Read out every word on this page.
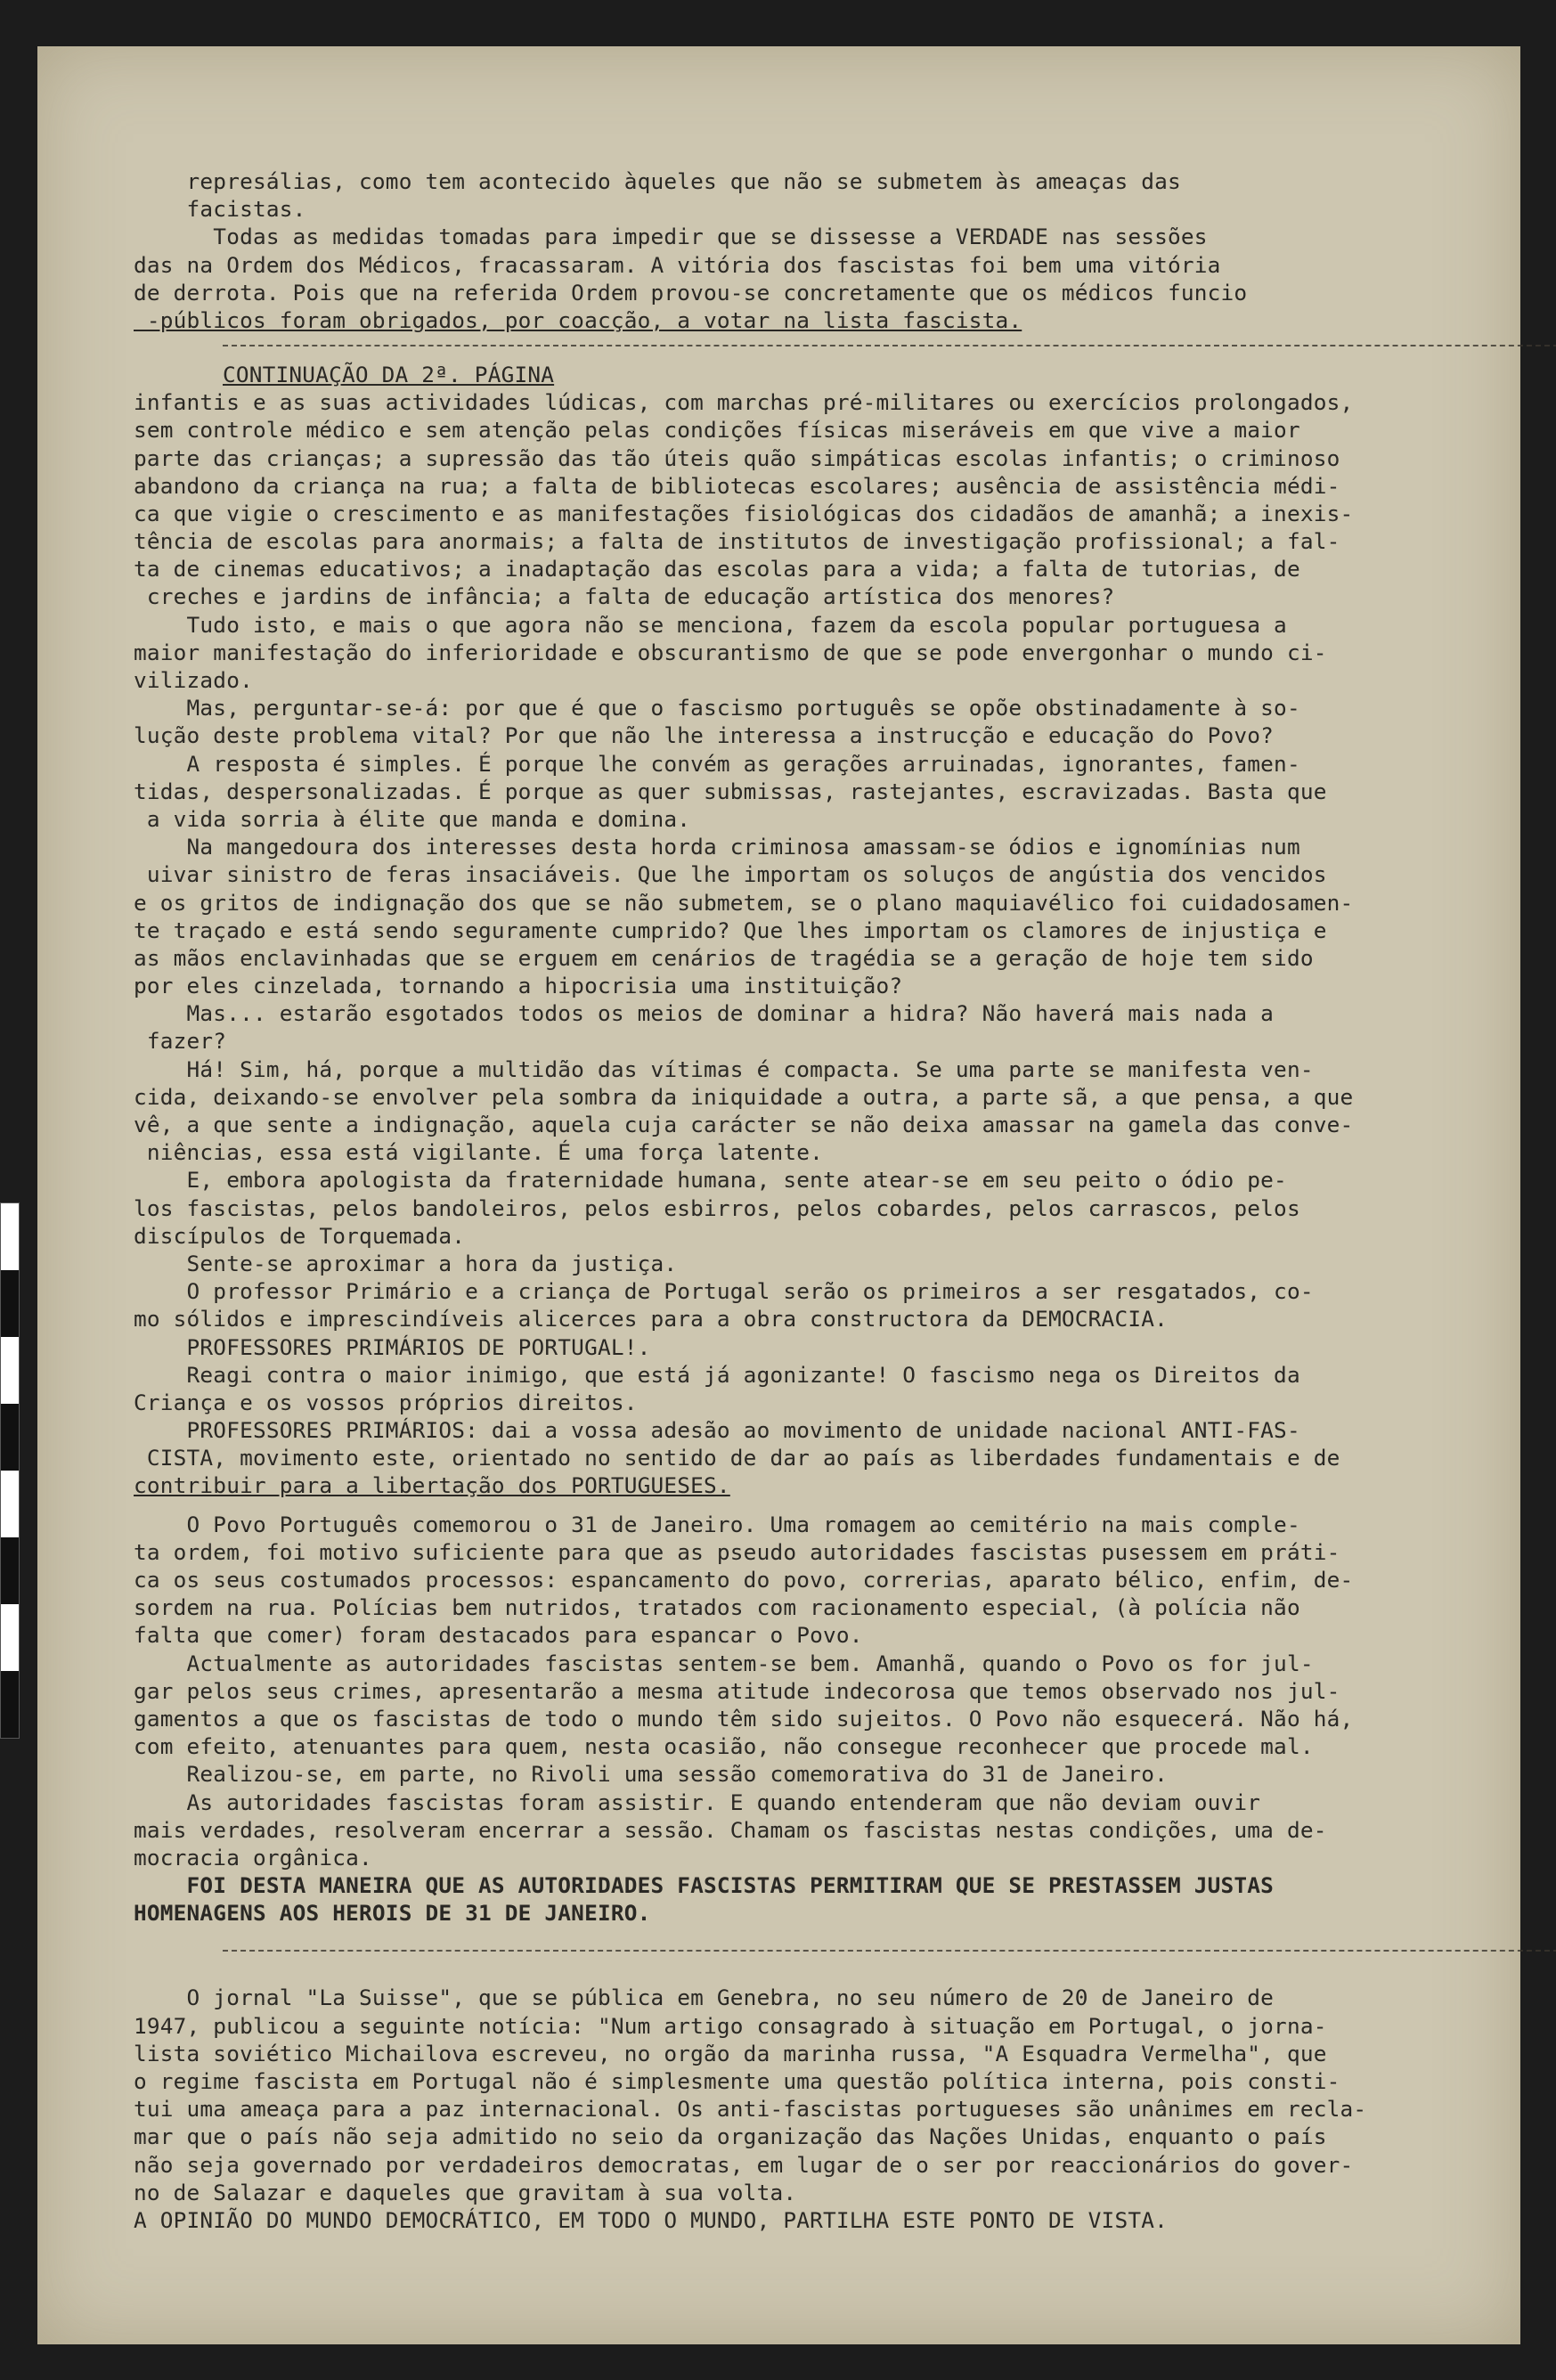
represálias, como tem acontecido àqueles que não se submetem às ameaças das
facistas.
Todas as medidas tomadas para impedir que se dissesse a VERDADE nas sessões
das na Ordem dos Médicos, fracassaram. A vitória dos fascistas foi bem uma vitória
de derrota. Pois que na referida Ordem provou-se concretamente que os médicos funcio
-públicos foram obrigados, por coacção, a votar na lista fascista.
CONTINUAÇÃO DA 2ª. PÁGINA
infantis e as suas actividades lúdicas, com marchas pré-militares ou exercícios prolongados,
sem controle médico e sem atenção pelas condições físicas miseráveis em que vive a maior
parte das crianças; a supressão das tão úteis quão simpáticas escolas infantis; o criminoso
abandono da criança na rua; a falta de bibliotecas escolares; ausência de assistência médi-
ca que vigie o crescimento e as manifestações fisiológicas dos cidadãos de amanhã; a inexis-
tência de escolas para anormais; a falta de institutos de investigação profissional; a fal-
ta de cinemas educativos; a inadaptação das escolas para a vida; a falta de tutorias, de
creches e jardins de infância; a falta de educação artística dos menores?
Tudo isto, e mais o que agora não se menciona, fazem da escola popular portuguesa a
maior manifestação do inferioridade e obscurantismo de que se pode envergonhar o mundo ci-
vilizado.
Mas, perguntar-se-á: por que é que o fascismo português se opõe obstinadamente à so-
lução deste problema vital? Por que não lhe interessa a instrucção e educação do Povo?
A resposta é simples. É porque lhe convém as gerações arruinadas, ignorantes, famen-
tidas, despersonalizadas. É porque as quer submissas, rastejantes, escravizadas. Basta que
a vida sorria à élite que manda e domina.
Na mangedoura dos interesses desta horda criminosa amassam-se ódios e ignomínias num
uivar sinistro de feras insaciáveis. Que lhe importam os soluços de angústia dos vencidos
e os gritos de indignação dos que se não submetem, se o plano maquiavélico foi cuidadosamen-
te traçado e está sendo seguramente cumprido? Que lhes importam os clamores de injustiça e
as mãos enclavinhadas que se erguem em cenários de tragédia se a geração de hoje tem sido
por eles cinzelada, tornando a hipocrisia uma instituição?
Mas... estarão esgotados todos os meios de dominar a hidra? Não haverá mais nada a
fazer?
Há! Sim, há, porque a multidão das vítimas é compacta. Se uma parte se manifesta ven-
cida, deixando-se envolver pela sombra da iniquidade a outra, a parte sã, a que pensa, a que
vê, a que sente a indignação, aquela cuja carácter se não deixa amassar na gamela das conve-
niências, essa está vigilante. É uma força latente.
E, embora apologista da fraternidade humana, sente atear-se em seu peito o ódio pe-
los fascistas, pelos bandoleiros, pelos esbirros, pelos cobardes, pelos carrascos, pelos
discípulos de Torquemada.
Sente-se aproximar a hora da justiça.
O professor Primário e a criança de Portugal serão os primeiros a ser resgatados, co-
mo sólidos e imprescindíveis alicerces para a obra constructora da DEMOCRACIA.
PROFESSORES PRIMÁRIOS DE PORTUGAL!.
Reagi contra o maior inimigo, que está já agonizante! O fascismo nega os Direitos da
Criança e os vossos próprios direitos.
PROFESSORES PRIMÁRIOS: dai a vossa adesão ao movimento de unidade nacional ANTI-FAS-
CISTA, movimento este, orientado no sentido de dar ao país as liberdades fundamentais e de
contribuir para a libertação dos PORTUGUESES.
O Povo Português comemorou o 31 de Janeiro. Uma romagem ao cemitério na mais comple-
ta ordem, foi motivo suficiente para que as pseudo autoridades fascistas pusessem em práti-
ca os seus costumados processos: espancamento do povo, correrias, aparato bélico, enfim, de-
sordem na rua. Polícias bem nutridos, tratados com racionamento especial, (à polícia não
falta que comer) foram destacados para espancar o Povo.
Actualmente as autoridades fascistas sentem-se bem. Amanhã, quando o Povo os for jul-
gar pelos seus crimes, apresentarão a mesma atitude indecorosa que temos observado nos jul-
gamentos a que os fascistas de todo o mundo têm sido sujeitos. O Povo não esquecerá. Não há,
com efeito, atenuantes para quem, nesta ocasião, não consegue reconhecer que procede mal.
Realizou-se, em parte, no Rivoli uma sessão comemorativa do 31 de Janeiro.
As autoridades fascistas foram assistir. E quando entenderam que não deviam ouvir
mais verdades, resolveram encerrar a sessão. Chamam os fascistas nestas condições, uma de-
mocracia orgânica.
FOI DESTA MANEIRA QUE AS AUTORIDADES FASCISTAS PERMITIRAM QUE SE PRESTASSEM JUSTAS
HOMENAGENS AOS HEROIS DE 31 DE JANEIRO.
O jornal "La Suisse", que se pública em Genebra, no seu número de 20 de Janeiro de
1947, publicou a seguinte notícia: "Num artigo consagrado à situação em Portugal, o jorna-
lista soviético Michailova escreveu, no orgão da marinha russa, "A Esquadra Vermelha", que
o regime fascista em Portugal não é simplesmente uma questão política interna, pois consti-
tui uma ameaça para a paz internacional. Os anti-fascistas portugueses são unânimes em recla-
mar que o país não seja admitido no seio da organização das Nações Unidas, enquanto o país
não seja governado por verdadeiros democratas, em lugar de o ser por reaccionários do gover-
no de Salazar e daqueles que gravitam à sua volta.
A OPINIÃO DO MUNDO DEMOCRÁTICO, EM TODO O MUNDO, PARTILHA ESTE PONTO DE VISTA.
